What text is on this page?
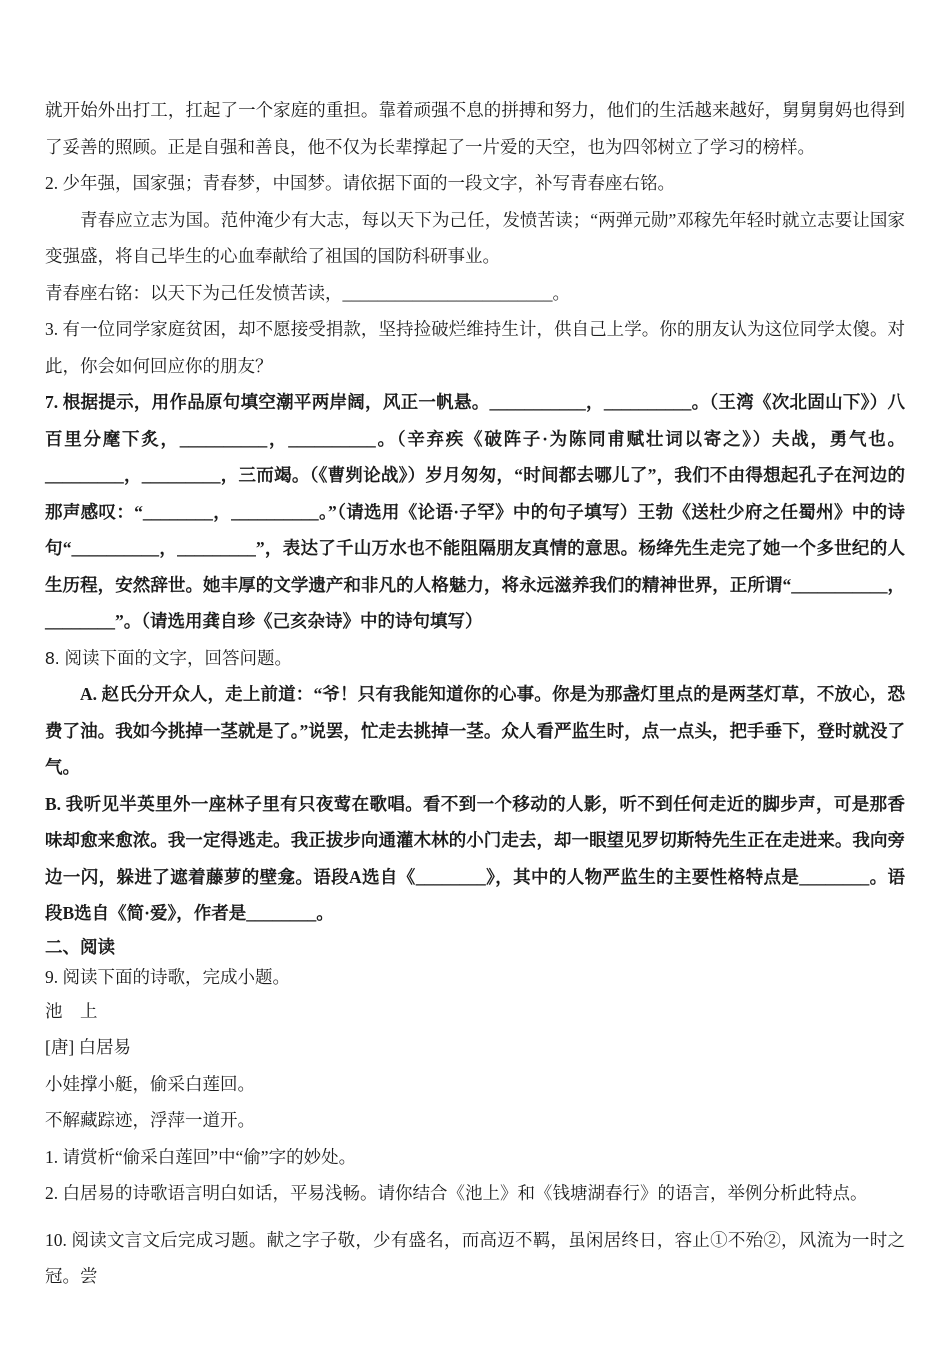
就开始外出打工，扛起了一个家庭的重担。靠着顽强不息的拼搏和努力，他们的生活越来越好，舅舅舅妈也得到了妥善的照顾。正是自强和善良，他不仅为长辈撑起了一片爱的天空，也为四邻树立了学习的榜样。

2. 少年强，国家强；青春梦，中国梦。请依据下面的一段文字，补写青春座右铭。

青春应立志为国。范仲淹少有大志，每以天下为己任，发愤苦读；“两弹元勋”邓稼先年轻时就立志要让国家变强盛，将自己毕生的心血奉献给了祖国的国防科研事业。

青春座右铭：以天下为己任发愤苦读，________________________。

3. 有一位同学家庭贫困，却不愿接受捐款，坚持捡破烂维持生计，供自己上学。你的朋友认为这位同学太傻。对此，你会如何回应你的朋友？

7. 根据提示，用作品原句填空潮平两岸阔，风正一帆悬。___________，__________。（王湾《次北固山下》）八百里分麾下炙，__________，__________。（辛弃疾《破阵子·为陈同甫赋壮词以寄之》）夫战，勇气也。_________，_________，三而竭。（《曹刿论战》）岁月匆匆，“时间都去哪儿了”，我们不由得想起孔子在河边的那声感叹：“________，__________。”（请选用《论语·子罕》中的句子填写）王勃《送杜少府之任蜀州》中的诗句“__________，_________”，表达了千山万水也不能阻隔朋友真情的意思。杨绛先生走完了她一个多世纪的人生历程，安然辞世。她丰厚的文学遗产和非凡的人格魅力，将永远滋养我们的精神世界，正所谓“___________，________”。（请选用龚自珍《己亥杂诗》中的诗句填写）

8. 阅读下面的文字，回答问题。

A. 赵氏分开众人，走上前道：“爷！只有我能知道你的心事。你是为那盏灯里点的是两茎灯草，不放心，恐费了油。我如今挑掉一茎就是了。”说罢，忙走去挑掉一茎。众人看严监生时，点一点头，把手垂下，登时就没了气。

B. 我听见半英里外一座林子里有只夜莺在歌唱。看不到一个移动的人影，听不到任何走近的脚步声，可是那香味却愈来愈浓。我一定得逃走。我正拔步向通灌木林的小门走去，却一眼望见罗切斯特先生正在走进来。我向旁边一闪，躲进了遮着藤萝的壁龛。语段A选自《________》，其中的人物严监生的主要性格特点是________。语段B选自《简·爱》，作者是________。

二、阅读

9. 阅读下面的诗歌，完成小题。

池　上

[唐] 白居易

小娃撑小艇，偷采白莲回。

不解藏踪迹，浮萍一道开。

1. 请赏析“偷采白莲回”中“偷”字的妙处。

2. 白居易的诗歌语言明白如话，平易浅畅。请你结合《池上》和《钱塘湖春行》的语言，举例分析此特点。

10. 阅读文言文后完成习题。献之字子敬，少有盛名，而高迈不羁，虽闲居终日，容止①不殆②，风流为一时之冠。尝
